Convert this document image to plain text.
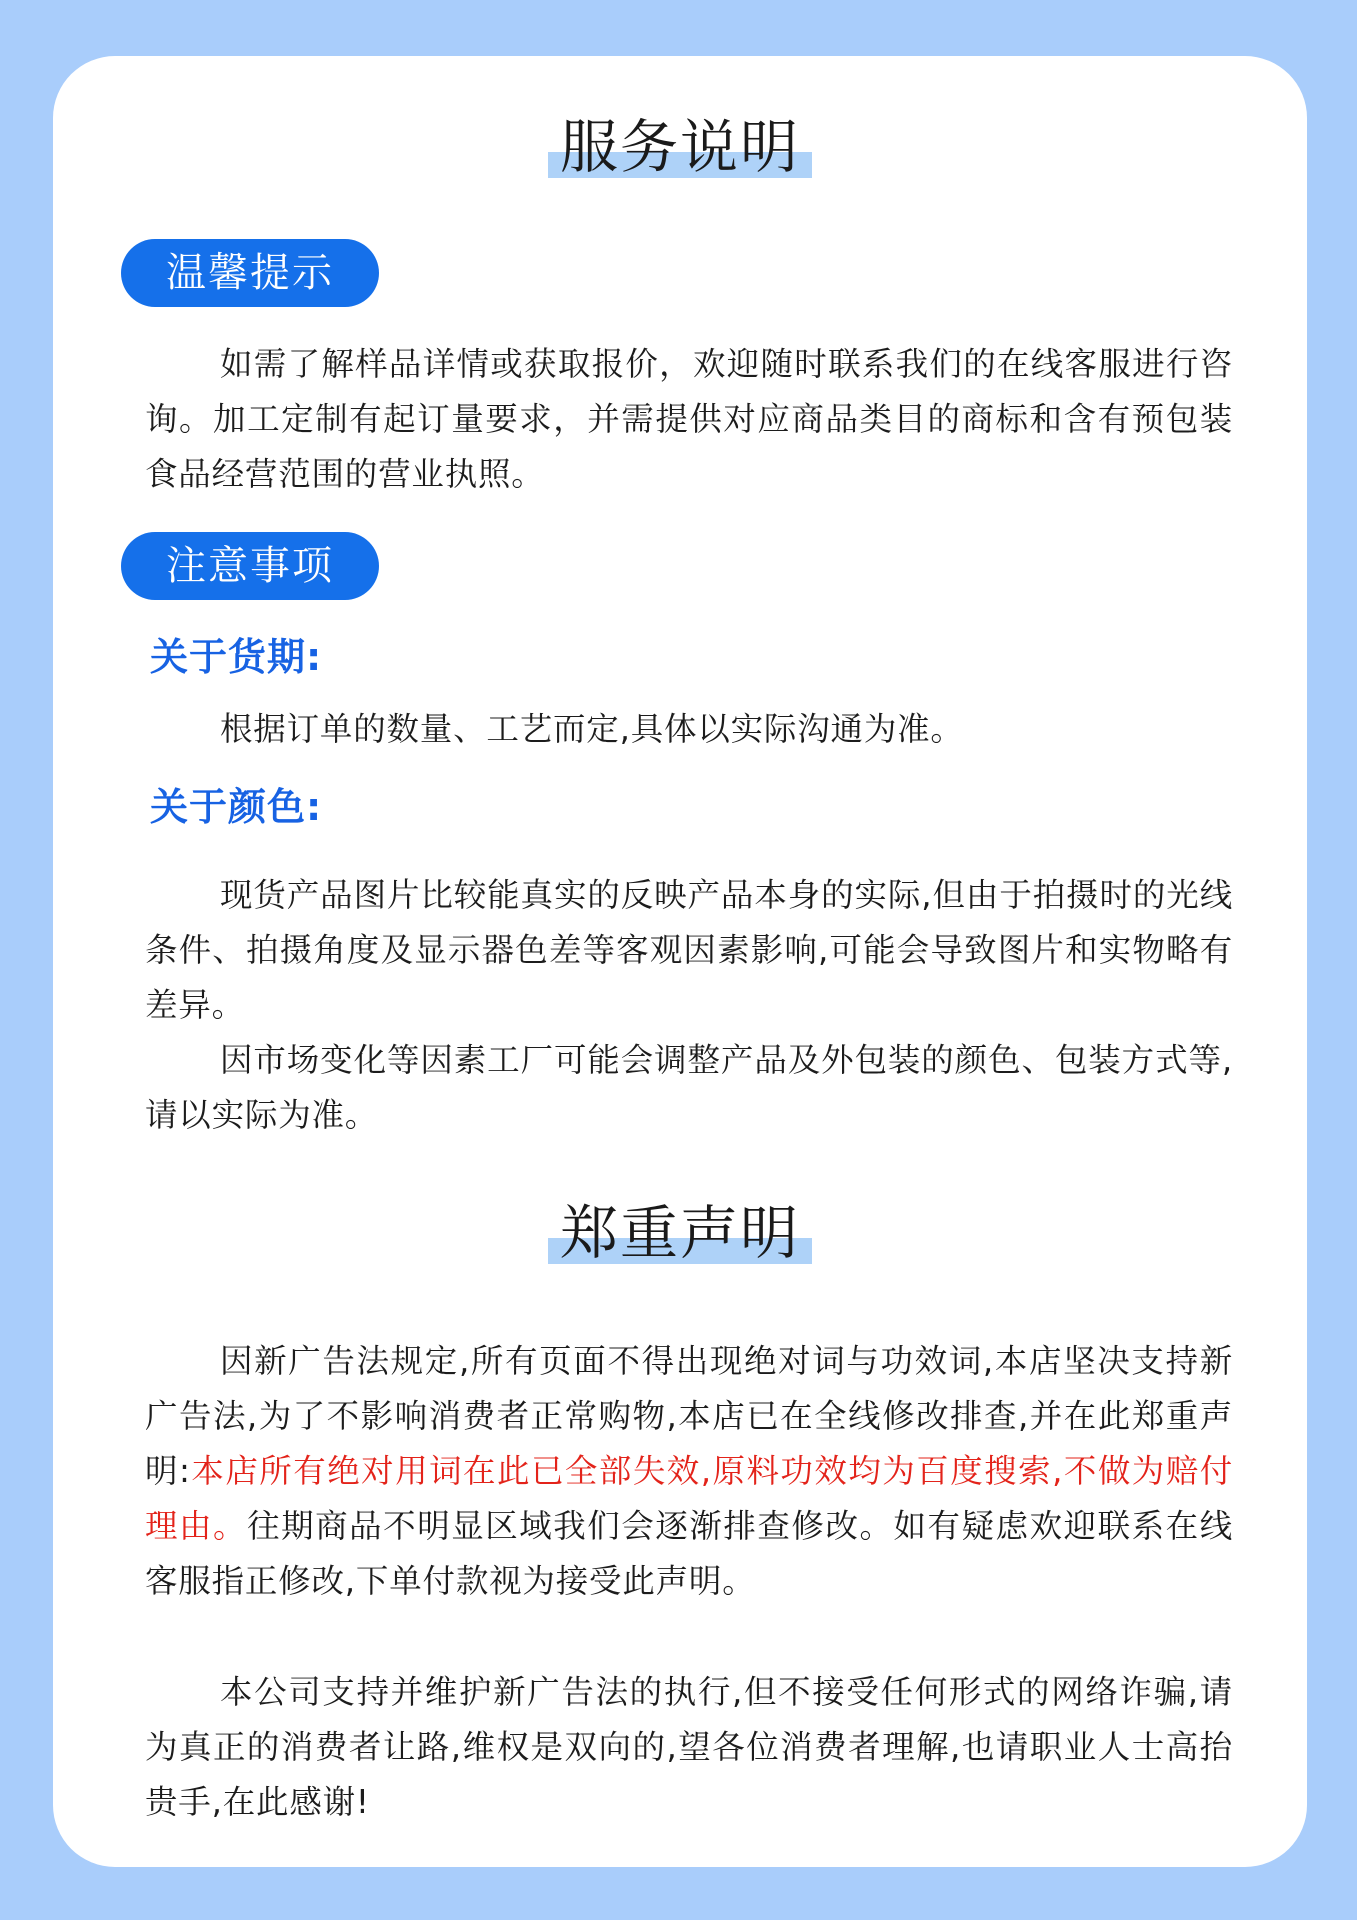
服务说明
温馨提示

如需了解样品详情或获取报价，欢迎随时联系我们的在线客服进行咨询。加工定制有起订量要求，并需提供对应商品类目的商标和含有预包装食品经营范围的营业执照。

注意事项
关于货期:

根据订单的数量、工艺而定,具体以实际沟通为准。

关于颜色:

现货产品图片比较能真实的反映产品本身的实际,但由于拍摄时的光线条件、拍摄角度及显示器色差等客观因素影响,可能会导致图片和实物略有差异。

因市场变化等因素工厂可能会调整产品及外包装的颜色、包装方式等,请以实际为准。

郑重声明

因新广告法规定,所有页面不得出现绝对词与功效词,本店坚决支持新广告法,为了不影响消费者正常购物,本店已在全线修改排查,并在此郑重声明:本店所有绝对用词在此已全部失效,原料功效均为百度搜索,不做为赔付理由。往期商品不明显区域我们会逐渐排查修改。如有疑虑欢迎联系在线客服指正修改,下单付款视为接受此声明。

本公司支持并维护新广告法的执行,但不接受任何形式的网络诈骗,请为真正的消费者让路,维权是双向的,望各位消费者理解,也请职业人士高抬贵手,在此感谢!
